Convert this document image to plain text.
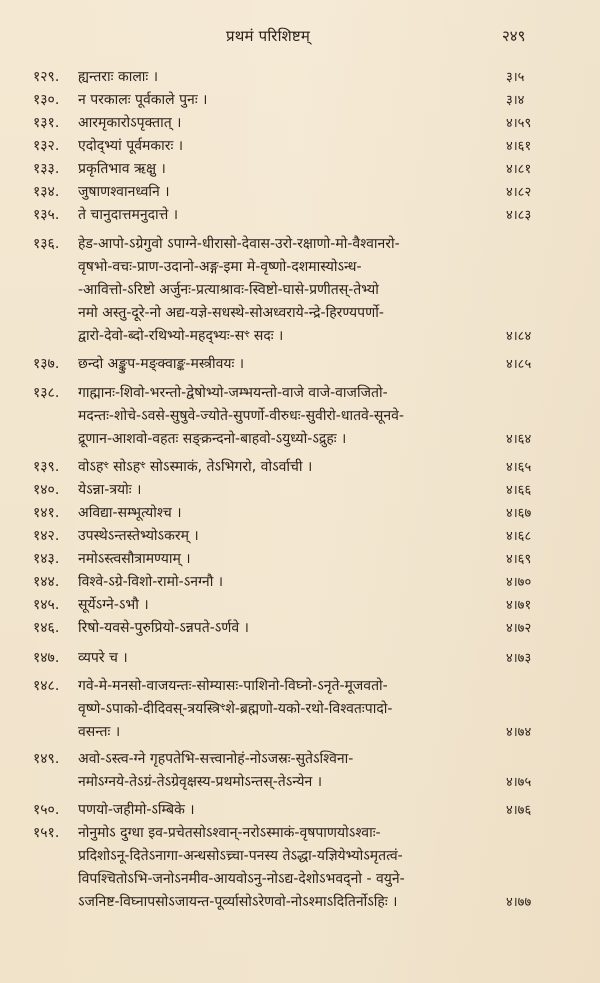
प्रथमं परिशिष्टम्	२४९
१२९.	ह्यन्तराः कालाः ।	३।५
१३०.	न परकालः पूर्वकाले पुनः ।	३।४
१३१.	आरमृकारोऽपृक्तात् ।	४।५९
१३२.	एदोद्भ्यां पूर्वमकारः ।	४।६१
१३३.	प्रकृतिभाव ऋक्षु ।	४।८१
१३४.	जुषाणश्वानध्वनि ।	४।८२
१३५.	ते चानुदात्तमनुदात्ते ।	४।८३
१३६.	हेड-आपो-ऽग्रेगुवो ऽपाग्ने-धीरासो-देवास-उरो-रक्षाणो-मो-वैश्वानरो-
वृषभो-वचः-प्राण-उदानो-अङ्ग-इमा मे-वृष्णो-दशमास्योऽन्ध-
-आवित्तो-ऽरिष्टो अर्जुनः-प्रत्याश्रावः-स्विष्टो-घासे-प्रणीतस्-तेभ्यो
नमो अस्तु-दूरे-नो अद्य-यज्ञे-सधस्थे-सोअध्वराये-न्द्रे-हिरण्यपर्णो-
द्वारो-देवो-ब्दो-रथिभ्यो-महद्भ्यः-सꣳ सदः ।	४।८४
१३७.	छन्दो अङ्कुप-मङ्क्वाङ्क-मस्त्रीवयः ।	४।८५
१३८.	गाह्मानः-शिवो-भरन्तो-द्वेषोभ्यो-जम्भयन्तो-वाजे वाजे-वाजजितो-
मदन्तः-शोचे-ऽवसे-सुषुवे-ज्योते-सुपर्णो-वीरुधः-सुवीरो-धातवे-सूनवे-
द्रूणान-आशवो-वहतः सङ्क्रन्दनो-बाहवो-ऽयुध्यो-ऽद्रुहः ।	४।६४
१३९.	वोऽहꣳ सोऽहꣳ सोऽस्माकं, तेऽभिगरो, वोऽर्वाची ।	४।६५
१४०.	येऽन्ना-त्रयोः ।	४।६६
१४१.	अविद्या-सम्भूत्योश्च ।	४।६७
१४२.	उपस्थेऽन्तस्तेभ्योऽकरम् ।	४।६८
१४३.	नमोऽस्त्वसौत्रामण्याम् ।	४।६९
१४४.	विश्वे-ऽग्रे-विशो-रामो-ऽनग्नौ ।	४।७०
१४५.	सूर्येऽग्ने-ऽभौ ।	४।७१
१४६.	रिषो-यवसे-पुरुप्रियो-ऽन्नपते-ऽर्णवे ।	४।७२
१४७.	व्यपरे च ।	४।७३
१४८.	गवे-मे-मनसो-वाजयन्तः-सोम्यासः-पाशिनो-विघ्नो-ऽनृते-मूजवतो-
वृष्णे-ऽपाको-दीदिवस्-त्रयस्त्रिꣳशे-ब्रह्मणो-यको-रथो-विश्वतःपादो-
वसन्तः ।	४।७४
१४९.	अवो-ऽस्त्व-ग्ने गृहपतेभि-सत्त्वानोहं-नोऽजस्रः-सुतेऽश्विना-
नमोऽग्नये-तेऽग्रं-तेऽग्रेवृक्षस्य-प्रथमोऽन्तस्-तेऽन्येन ।	४।७५
१५०.	पणयो-जहीमो-ऽम्बिके ।	४।७६
१५१.	नोनुमोऽ दुग्धा इव-प्रचेतसोऽश्वान्-नरोऽस्माकं-वृषपाणयोऽश्वाः-
प्रदिशोऽनू-दितेऽनागा-अन्धसोऽच्र्चा-पनस्य तेऽद्धा-यज्ञियेभ्योऽमृतत्वं-
विपश्चितोऽभि-जनोऽनमीव-आयवोऽनु-नोऽद्य-देशोऽभवद्नो - वयुने-
ऽजनिष्ट-विघ्नापसोऽजायन्त-पूर्व्यासोऽरेणवो-नोऽश्माऽदितिर्नोऽहिः ।	४।७७
